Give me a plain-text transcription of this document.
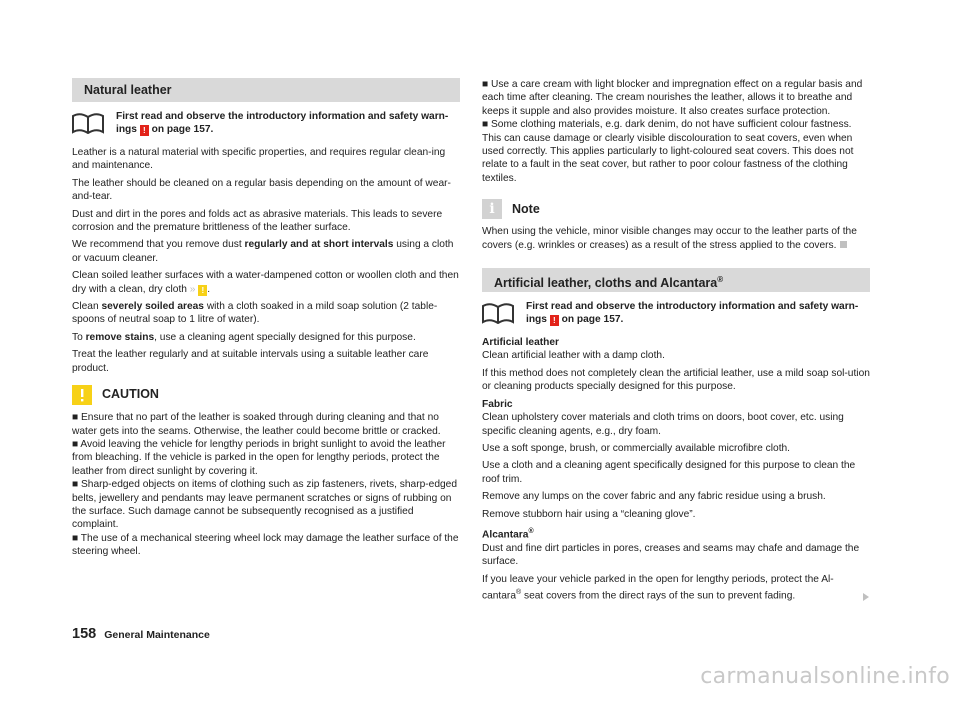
Natural leather
First read and observe the introductory information and safety warn-ings ! on page 157.

Leather is a natural material with specific properties, and requires regular clean-ing and maintenance.

The leather should be cleaned on a regular basis depending on the amount of wear-and-tear.

Dust and dirt in the pores and folds act as abrasive materials. This leads to severe corrosion and the premature brittleness of the leather surface.

We recommend that you remove dust regularly and at short intervals using a cloth or vacuum cleaner.

Clean soiled leather surfaces with a water-dampened cotton or woollen cloth and then dry with a clean, dry cloth » ! .

Clean severely soiled areas with a cloth soaked in a mild soap solution (2 table-spoons of neutral soap to 1 litre of water).

To remove stains, use a cleaning agent specially designed for this purpose.

Treat the leather regularly and at suitable intervals using a suitable leather care product.

CAUTION

■ Ensure that no part of the leather is soaked through during cleaning and that no water gets into the seams. Otherwise, the leather could become brittle or cracked.

■ Avoid leaving the vehicle for lengthy periods in bright sunlight to avoid the leather from bleaching. If the vehicle is parked in the open for lengthy periods, protect the leather from direct sunlight by covering it.

■ Sharp-edged objects on items of clothing such as zip fasteners, rivets, sharp-edged belts, jewellery and pendants may leave permanent scratches or signs of rubbing on the surface. Such damage cannot be subsequently recognised as a justified complaint.

■ The use of a mechanical steering wheel lock may damage the leather surface of the steering wheel.

■ Use a care cream with light blocker and impregnation effect on a regular basis and each time after cleaning. The cream nourishes the leather, allows it to breathe and keeps it supple and also provides moisture. It also creates surface protection.

■ Some clothing materials, e.g. dark denim, do not have sufficient colour fastness. This can cause damage or clearly visible discolouration to seat covers, even when used correctly. This applies particularly to light-coloured seat covers. This does not relate to a fault in the seat cover, but rather to poor colour fastness of the clothing textiles.

i	Note

When using the vehicle, minor visible changes may occur to the leather parts of the covers (e.g. wrinkles or creases) as a result of the stress applied to the covers.

Artificial leather, cloths and Alcantara®
First read and observe the introductory information and safety warn-ings ! on page 157.

Artificial leather

Clean artificial leather with a damp cloth.

If this method does not completely clean the artificial leather, use a mild soap sol-ution or cleaning products specially designed for this purpose.

Fabric

Clean upholstery cover materials and cloth trims on doors, boot cover, etc. using specific cleaning agents, e.g., dry foam.

Use a soft sponge, brush, or commercially available microfibre cloth.

Use a cloth and a cleaning agent specifically designed for this purpose to clean the roof trim.

Remove any lumps on the cover fabric and any fabric residue using a brush.

Remove stubborn hair using a “cleaning glove”.

Alcantara®

Dust and fine dirt particles in pores, creases and seams may chafe and damage the surface.

If you leave your vehicle parked in the open for lengthy periods, protect the Al-cantara® seat covers from the direct rays of the sun to prevent fading.

158 General Maintenance
carmanualsonline.info
